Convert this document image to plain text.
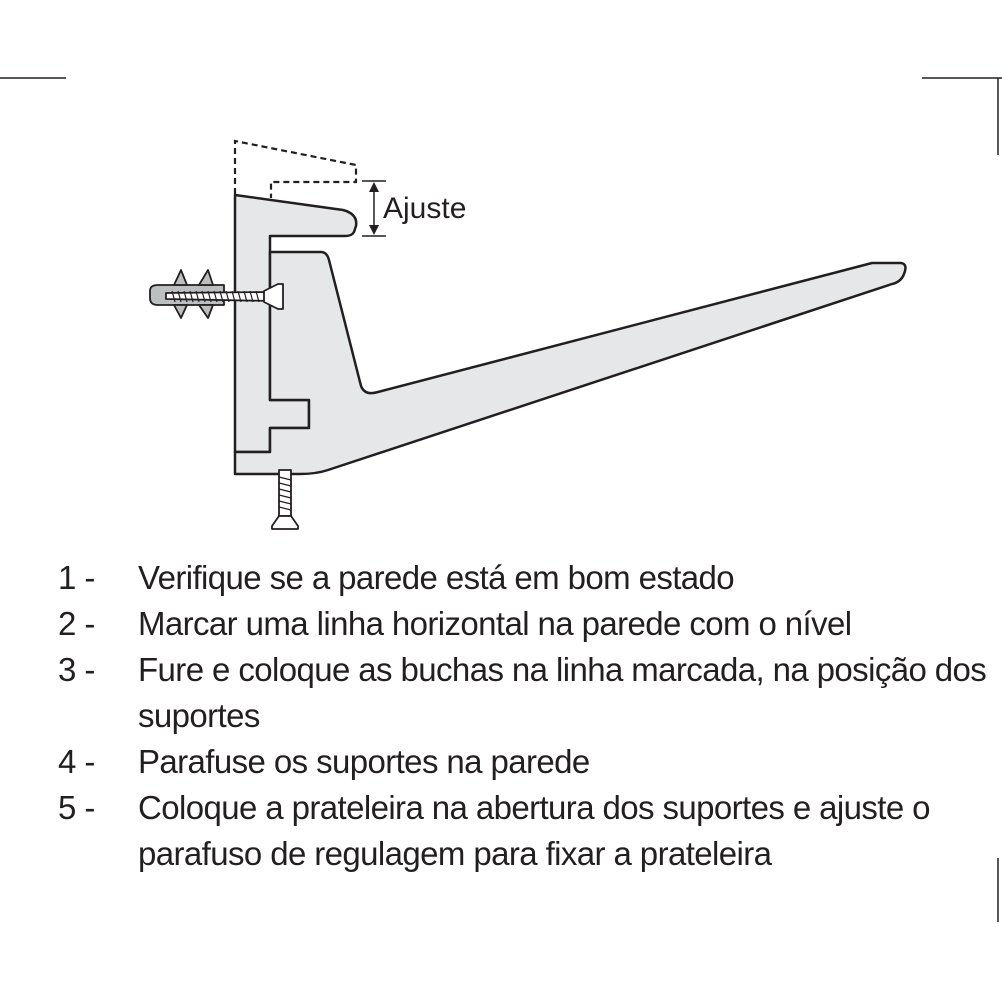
Ajuste
1 -	Verifique se a parede está em bom estado
2 -	Marcar uma linha horizontal na parede com o nível
3 -	Fure e coloque as buchas na linha marcada, na posição dos suportes
4 -	Parafuse os suportes na parede
5 -	Coloque a prateleira na abertura dos suportes e ajuste o parafuso de regulagem para fixar a prateleira
